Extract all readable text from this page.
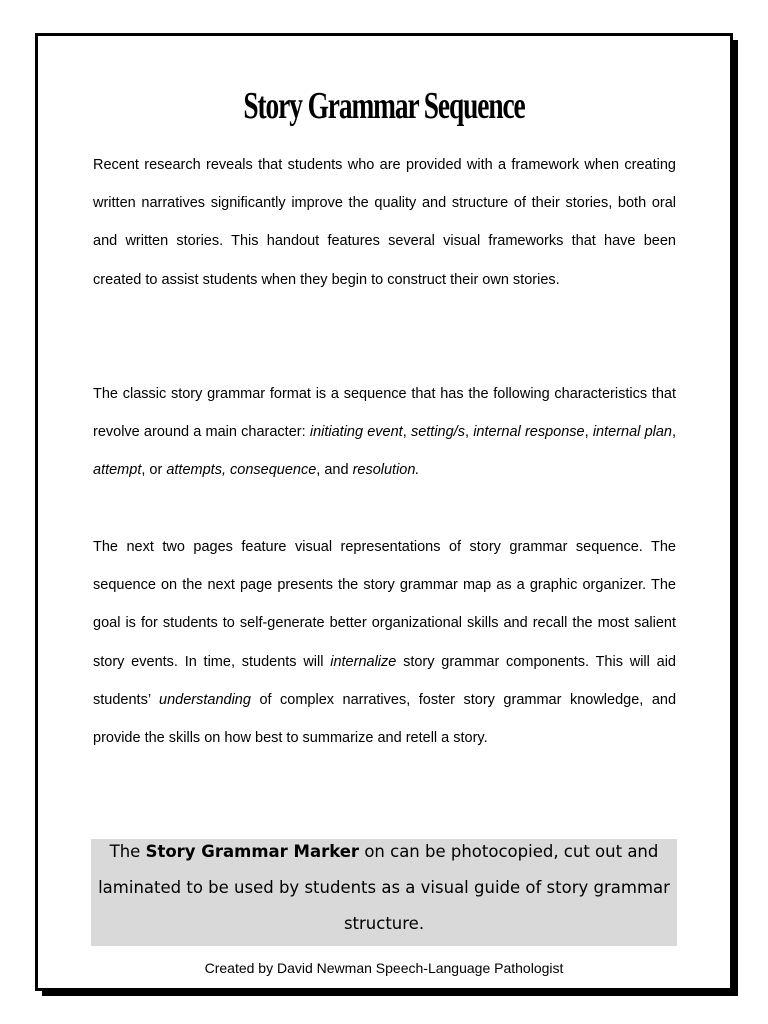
Story Grammar Sequence

Recent research reveals that students who are provided with a framework when creating written narratives significantly improve the quality and structure of their stories, both oral and written stories. This handout features several visual frameworks that have been created to assist students when they begin to construct their own stories.

The classic story grammar format is a sequence that has the following characteristics that revolve around a main character: initiating event, setting/s, internal response, internal plan, attempt, or attempts, consequence, and resolution.

The next two pages feature visual representations of story grammar sequence. The sequence on the next page presents the story grammar map as a graphic organizer. The goal is for students to self-generate better organizational skills and recall the most salient story events. In time, students will internalize story grammar components. This will aid students’ understanding of complex narratives, foster story grammar knowledge, and provide the skills on how best to summarize and retell a story.

The Story Grammar Marker on can be photocopied, cut out and laminated to be used by students as a visual guide of story grammar structure.

Created by David Newman Speech-Language Pathologist
